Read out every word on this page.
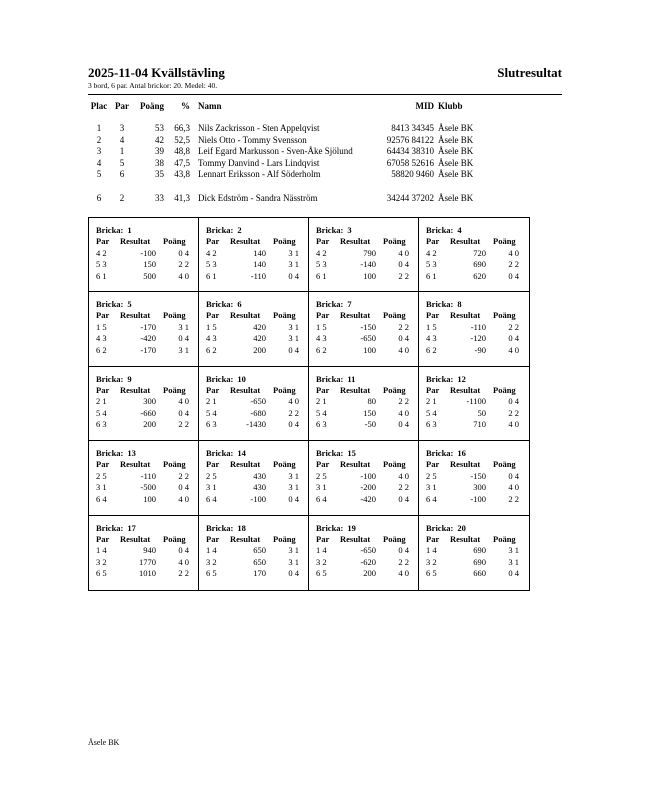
2025-11-04 Kvällstävling
3 bord, 6 par. Antal brickor: 20. Medel: 40.
Slutresultat
Plac Par	Poäng	% Namn	MID Klubb
1	3	53	66,3 Nils Zackrisson - Sten Appelqvist	8413 34345 Åsele BK
2	4	42	52,5 Niels Otto - Tommy Svensson	92576 84122 Åsele BK
3	1	39	48,8 Leif Egard Markusson - Sven-Åke Sjölund	64434 38310 Åsele BK
4	5	38	47,5 Tommy Danvind - Lars Lindqvist	67058 52616 Åsele BK
5	6	35	43,8 Lennart Eriksson - Alf Söderholm	58820 9460 Åsele BK
6	2	33	41,3 Dick Edström - Sandra Näsström	34244 37202 Åsele BK
Bricka: 1
Par Resultat Poäng
4 2	-100	0 4
5 3	150	2 2
6 1	500	4 0
Bricka: 2
Par Resultat Poäng
4 2	140	3 1
5 3	140	3 1
6 1	-110	0 4
Bricka: 3
Par Resultat Poäng
4 2	790	4 0
5 3	-140	0 4
6 1	100	2 2
Bricka: 4
Par Resultat Poäng
4 2	720	4 0
5 3	690	2 2
6 1	620	0 4
Bricka: 5
Par Resultat Poäng
1 5	-170	3 1
4 3	-420	0 4
6 2	-170	3 1
Bricka: 6
Par Resultat Poäng
1 5	420	3 1
4 3	420	3 1
6 2	200	0 4
Bricka: 7
Par Resultat Poäng
1 5	-150	2 2
4 3	-650	0 4
6 2	100	4 0
Bricka: 8
Par Resultat Poäng
1 5	-110	2 2
4 3	-120	0 4
6 2	-90	4 0
Bricka: 9
Par Resultat Poäng
2 1	300	4 0
5 4	-660	0 4
6 3	200	2 2
Bricka: 10
Par Resultat Poäng
2 1	-650	4 0
5 4	-680	2 2
6 3	-1430	0 4
Bricka: 11
Par Resultat Poäng
2 1	80	2 2
5 4	150	4 0
6 3	-50	0 4
Bricka: 12
Par Resultat Poäng
2 1	-1100	0 4
5 4	50	2 2
6 3	710	4 0
Bricka: 13
Par Resultat Poäng
2 5	-110	2 2
3 1	-500	0 4
6 4	100	4 0
Bricka: 14
Par Resultat Poäng
2 5	430	3 1
3 1	430	3 1
6 4	-100	0 4
Bricka: 15
Par Resultat Poäng
2 5	-100	4 0
3 1	-200	2 2
6 4	-420	0 4
Bricka: 16
Par Resultat Poäng
2 5	-150	0 4
3 1	300	4 0
6 4	-100	2 2
Bricka: 17
Par Resultat Poäng
1 4	940	0 4
3 2	1770	4 0
6 5	1010	2 2
Bricka: 18
Par Resultat Poäng
1 4	650	3 1
3 2	650	3 1
6 5	170	0 4
Bricka: 19
Par Resultat Poäng
1 4	-650	0 4
3 2	-620	2 2
6 5	200	4 0
Bricka: 20
Par Resultat Poäng
1 4	690	3 1
3 2	690	3 1
6 5	660	0 4
Åsele BK
